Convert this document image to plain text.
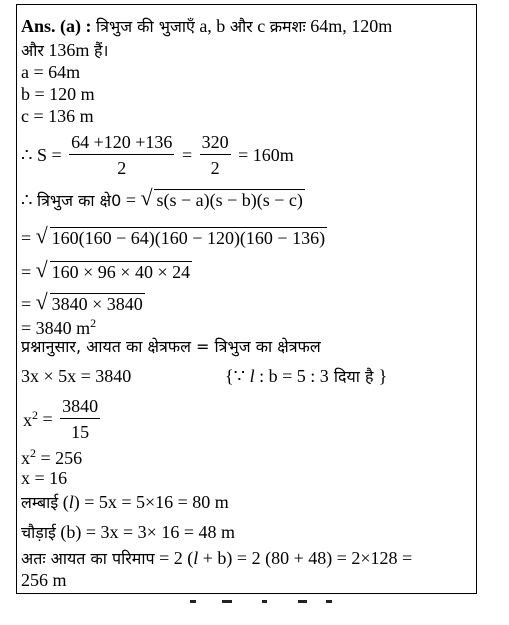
Ans. (a) : त्रिभुज की भुजाएँ a, b और c क्रमशः 64m, 120m
और 136m हैं।
a = 64m
b = 120 m
c = 136 m
∴ $S = \frac{64 +120 +136}{2} = \frac{320}{2} = 160m$
∴ त्रिभुज का क्षे0 = √ s(s − a)(s − b)(s − c)
= √ 160(160 − 64)(160 − 120)(160 − 136)
= √ 160 × 96 × 40 × 24
= √ 3840 × 3840
= 3840 $m^2$
प्रश्नानुसार, आयत का क्षेत्रफल = त्रिभुज का क्षेत्रफल
3x × 5x = 3840	{∵ l : b = 5 : 3 दिया है }
$x^2 = \frac{3840}{15}$
$x^2 = 256$
x = 16
लम्बाई (l) = 5x = 5×16 = 80 m
चौड़ाई (b) = 3x = 3× 16 = 48 m
अतः आयत का परिमाप = 2 (l + b) = 2 (80 + 48) = 2×128 =
256 m
